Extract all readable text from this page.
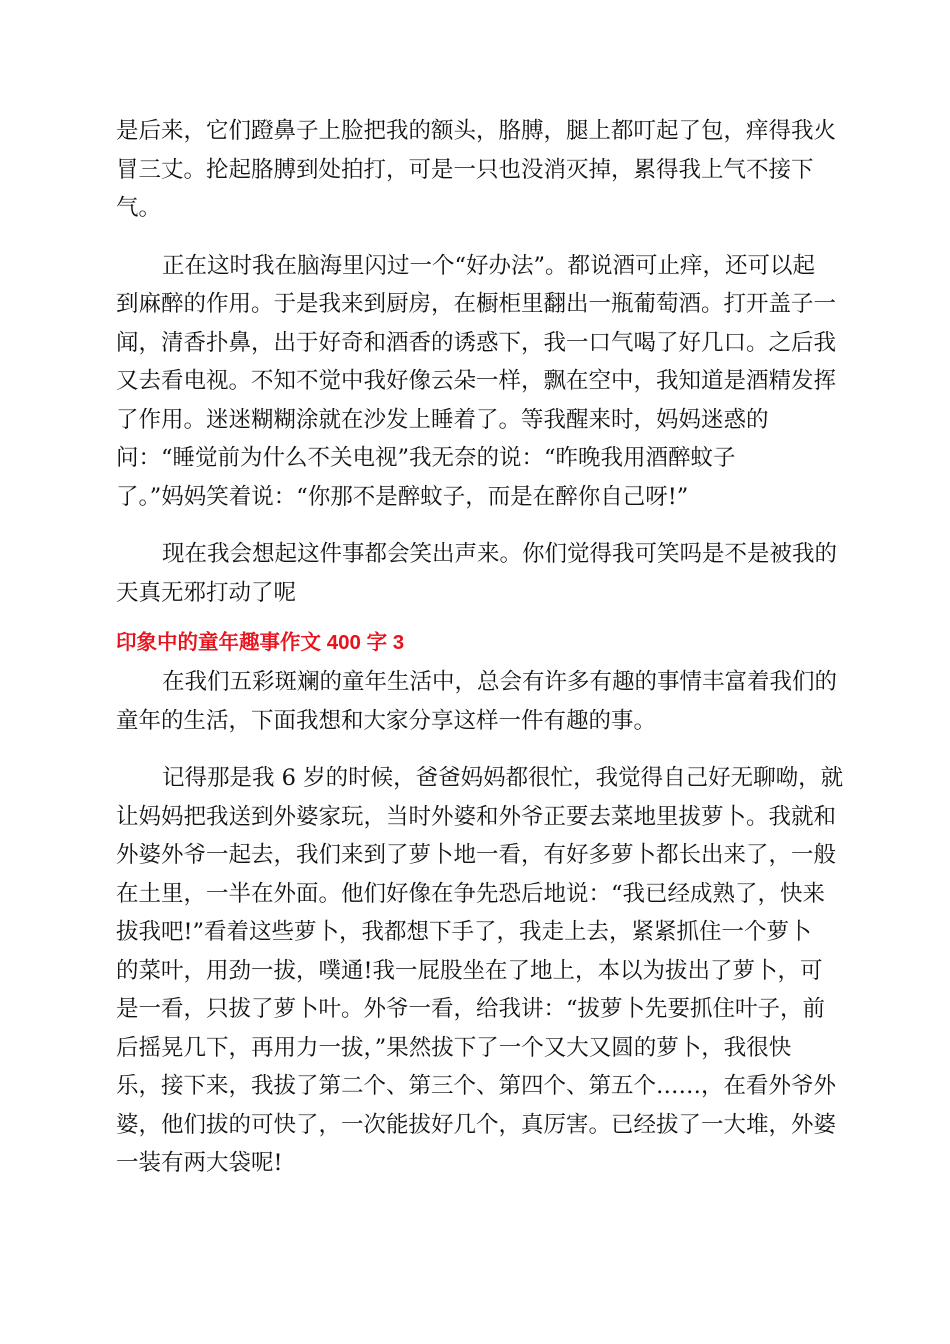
是后来，它们蹬鼻子上脸把我的额头，胳膊，腿上都叮起了包，痒得我火
冒三丈。抡起胳膊到处拍打，可是一只也没消灭掉，累得我上气不接下
气。
正在这时我在脑海里闪过一个“好办法”。都说酒可止痒，还可以起
到麻醉的作用。于是我来到厨房，在橱柜里翻出一瓶葡萄酒。打开盖子一
闻，清香扑鼻，出于好奇和酒香的诱惑下，我一口气喝了好几口。之后我
又去看电视。不知不觉中我好像云朵一样，飘在空中，我知道是酒精发挥
了作用。迷迷糊糊涂就在沙发上睡着了。等我醒来时，妈妈迷惑的
问：“睡觉前为什么不关电视”我无奈的说：“昨晚我用酒醉蚊子
了。”妈妈笑着说：“你那不是醉蚊子，而是在醉你自己呀!”
现在我会想起这件事都会笑出声来。你们觉得我可笑吗是不是被我的
天真无邪打动了呢
印象中的童年趣事作文 400 字 3
在我们五彩斑斓的童年生活中，总会有许多有趣的事情丰富着我们的
童年的生活，下面我想和大家分享这样一件有趣的事。
记得那是我 6 岁的时候，爸爸妈妈都很忙，我觉得自己好无聊呦，就
让妈妈把我送到外婆家玩，当时外婆和外爷正要去菜地里拔萝卜。我就和
外婆外爷一起去，我们来到了萝卜地一看，有好多萝卜都长出来了，一般
在土里，一半在外面。他们好像在争先恐后地说：“我已经成熟了，快来
拔我吧!”看着这些萝卜，我都想下手了，我走上去，紧紧抓住一个萝卜
的菜叶，用劲一拔，噗通!我一屁股坐在了地上，本以为拔出了萝卜，可
是一看，只拔了萝卜叶。外爷一看，给我讲：“拔萝卜先要抓住叶子，前
后摇晃几下，再用力一拔，”果然拔下了一个又大又圆的萝卜，我很快
乐，接下来，我拔了第二个、第三个、第四个、第五个……，在看外爷外
婆，他们拔的可快了，一次能拔好几个，真厉害。已经拔了一大堆，外婆
一装有两大袋呢!
